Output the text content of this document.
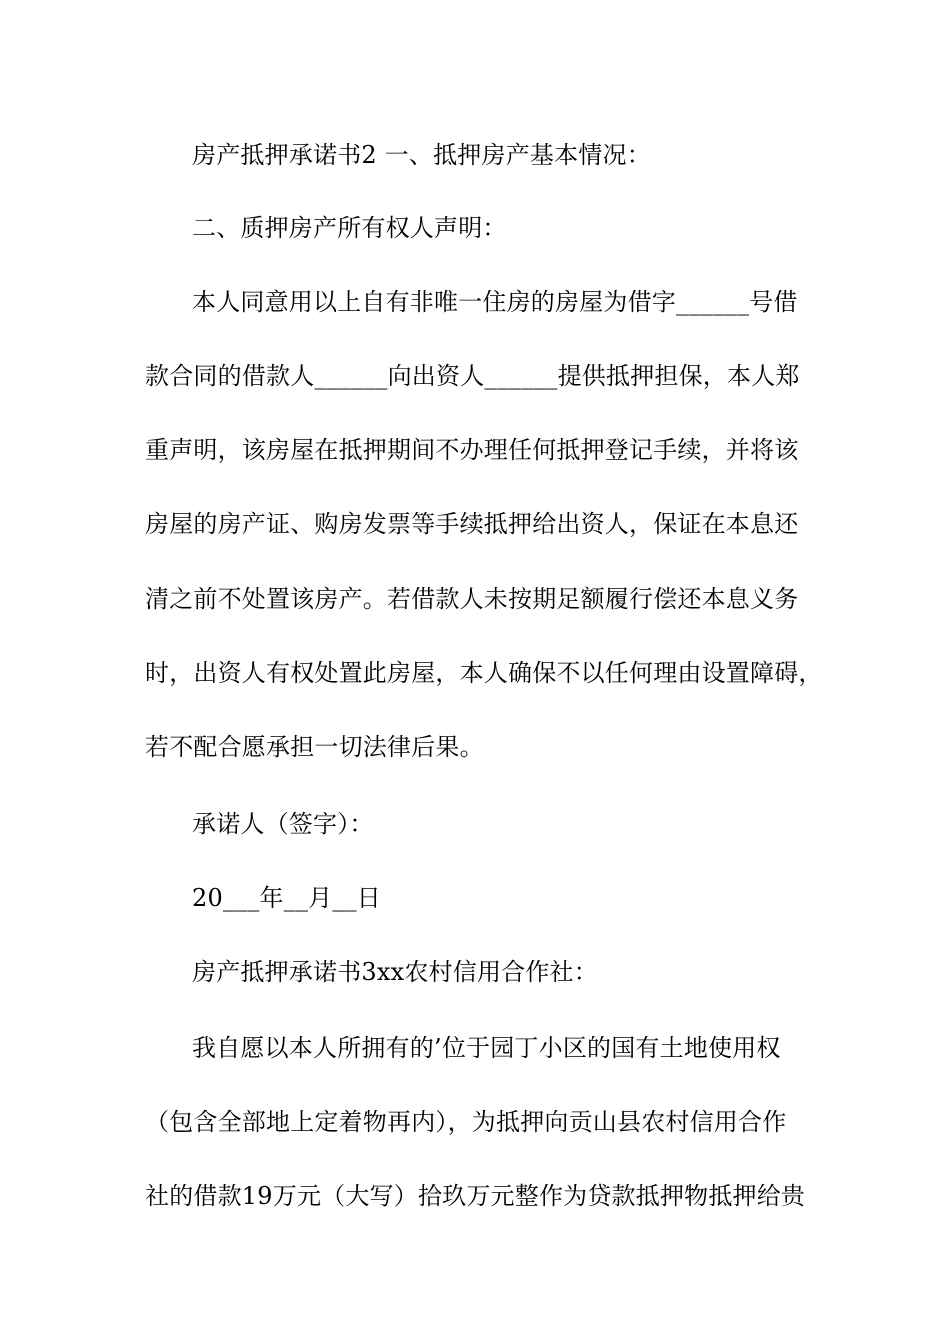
房产抵押承诺书2 一、抵押房产基本情况：
二、质押房产所有权人声明：
本人同意用以上自有非唯一住房的房屋为借字______号借
款合同的借款人______向出资人______提供抵押担保，本人郑
重声明，该房屋在抵押期间不办理任何抵押登记手续，并将该
房屋的房产证、购房发票等手续抵押给出资人，保证在本息还
清之前不处置该房产。若借款人未按期足额履行偿还本息义务
时，出资人有权处置此房屋，本人确保不以任何理由设置障碍，
若不配合愿承担一切法律后果。
承诺人（签字）：
20___年__月__日
房产抵押承诺书3xx农村信用合作社：
我自愿以本人所拥有的’位于园丁小区的国有土地使用权
（包含全部地上定着物再内），为抵押向贡山县农村信用合作
社的借款19万元（大写）拾玖万元整作为贷款抵押物抵押给贵
